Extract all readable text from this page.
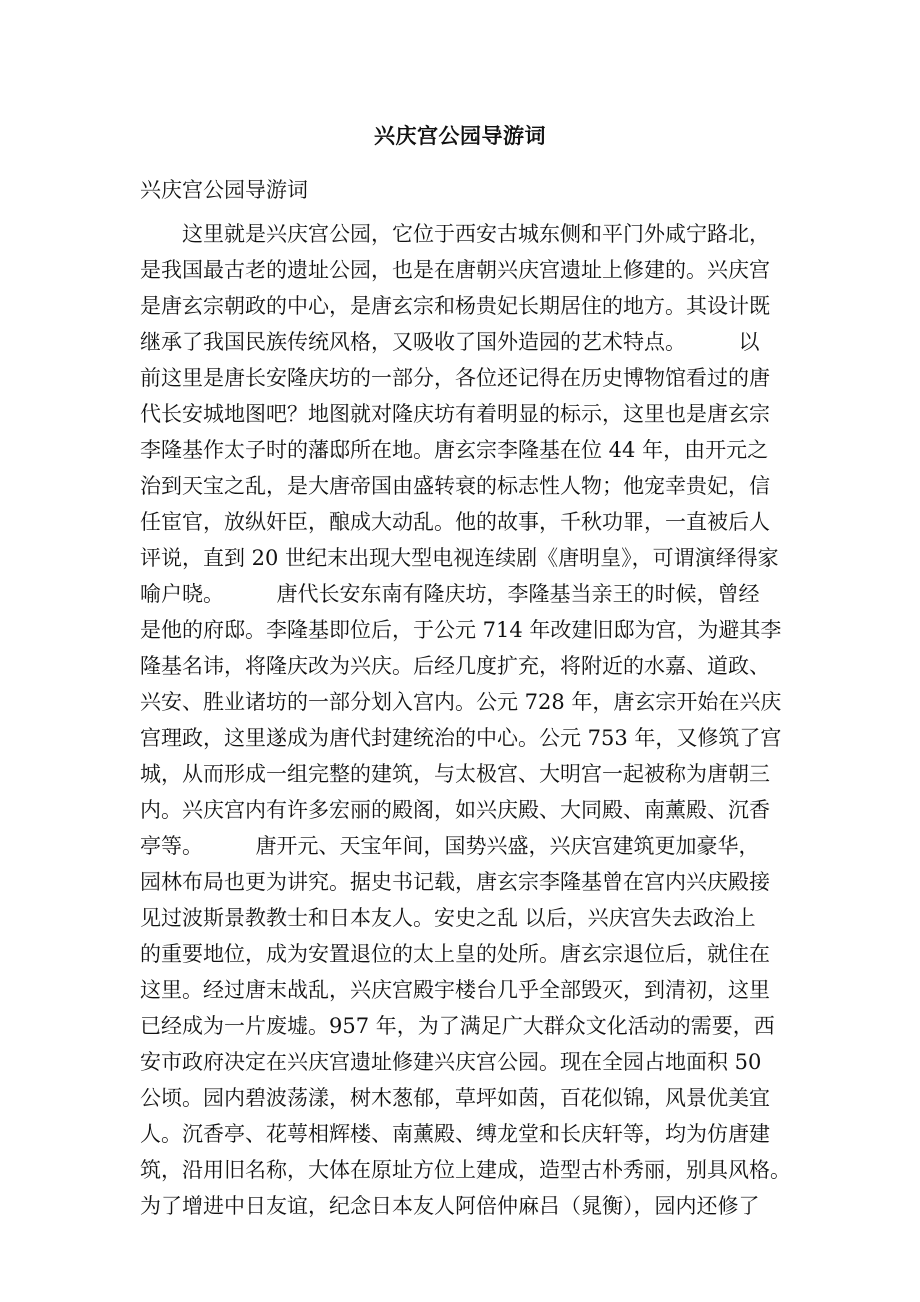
兴庆宫公园导游词
兴庆宫公园导游词
这里就是兴庆宫公园，它位于西安古城东侧和平门外咸宁路北，
是我国最古老的遗址公园，也是在唐朝兴庆宫遗址上修建的。兴庆宫
是唐玄宗朝政的中心，是唐玄宗和杨贵妃长期居住的地方。其设计既
继承了我国民族传统风格，又吸收了国外造园的艺术特点。　　　以
前这里是唐长安隆庆坊的一部分，各位还记得在历史博物馆看过的唐
代长安城地图吧？地图就对隆庆坊有着明显的标示，这里也是唐玄宗
李隆基作太子时的藩邸所在地。唐玄宗李隆基在位 44 年，由开元之
治到天宝之乱，是大唐帝国由盛转衰的标志性人物；他宠幸贵妃，信
任宦官，放纵奸臣，酿成大动乱。他的故事，千秋功罪，一直被后人
评说，直到 20 世纪末出现大型电视连续剧《唐明皇》，可谓演绎得家
喻户晓。　　　唐代长安东南有隆庆坊，李隆基当亲王的时候，曾经
是他的府邸。李隆基即位后，于公元 714 年改建旧邸为宫，为避其李
隆基名讳，将隆庆改为兴庆。后经几度扩充，将附近的水嘉、道政、
兴安、胜业诸坊的一部分划入宫内。公元 728 年，唐玄宗开始在兴庆
宫理政，这里遂成为唐代封建统治的中心。公元 753 年，又修筑了宫
城，从而形成一组完整的建筑，与太极宫、大明宫一起被称为唐朝三
内。兴庆宫内有许多宏丽的殿阁，如兴庆殿、大同殿、南薰殿、沉香
亭等。　　　唐开元、天宝年间，国势兴盛，兴庆宫建筑更加豪华，
园林布局也更为讲究。据史书记载，唐玄宗李隆基曾在宫内兴庆殿接
见过波斯景教教士和日本友人。安史之乱 以后，兴庆宫失去政治上
的重要地位，成为安置退位的太上皇的处所。唐玄宗退位后，就住在
这里。经过唐末战乱，兴庆宫殿宇楼台几乎全部毁灭，到清初，这里
已经成为一片废墟。957 年，为了满足广大群众文化活动的需要，西
安市政府决定在兴庆宫遗址修建兴庆宫公园。现在全园占地面积 50
公顷。园内碧波荡漾，树木葱郁，草坪如茵，百花似锦，风景优美宜
人。沉香亭、花萼相辉楼、南薰殿、缚龙堂和长庆轩等，均为仿唐建
筑，沿用旧名称，大体在原址方位上建成，造型古朴秀丽，别具风格。
为了增进中日友谊，纪念日本友人阿倍仲麻吕（晁衡），园内还修了
